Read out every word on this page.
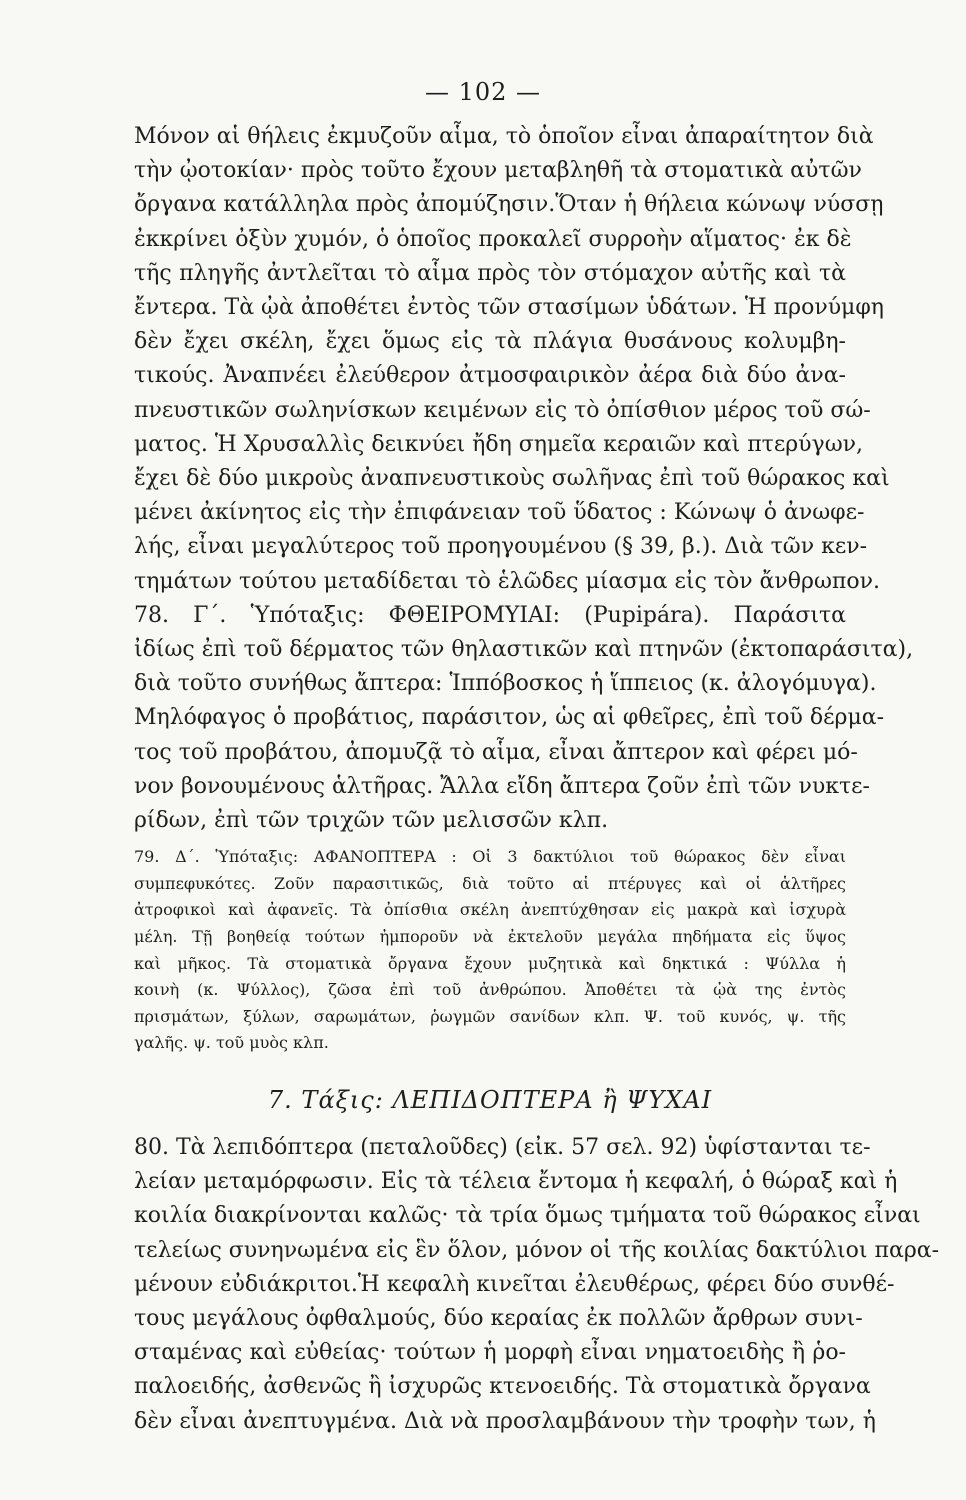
— 102 —
Μόνον αἱ θήλεις ἐκμυζοῦν αἷμα, τὸ ὁποῖον εἶναι ἀπαραίτητον διὰ
τὴν ᾠοτοκίαν· πρὸς τοῦτο ἔχουν μεταβληθῆ τὰ στοματικὰ αὐτῶν
ὄργανα κατάλληλα πρὸς ἀπομύζησιν.Ὅταν ἡ θήλεια κώνωψ νύσσῃ
ἐκκρίνει ὀξὺν χυμόν, ὁ ὁποῖος προκαλεῖ συρροὴν αἵματος· ἐκ δὲ
τῆς πληγῆς ἀντλεῖται τὸ αἷμα πρὸς τὸν στόμαχον αὐτῆς καὶ τὰ
ἔντερα. Τὰ ᾠὰ ἀποθέτει ἐντὸς τῶν στασίμων ὑδάτων. Ἡ προνύμφη
δὲν ἔχει σκέλη, ἔχει ὅμως εἰς τὰ πλάγια θυσάνους κολυμβη-
τικούς. Ἀναπνέει ἐλεύθερον ἀτμοσφαιρικὸν ἀέρα διὰ δύο ἀνα-
πνευστικῶν σωληνίσκων κειμένων εἰς τὸ ὀπίσθιον μέρος τοῦ σώ-
ματος. Ἡ Χρυσαλλὶς δεικνύει ἤδη σημεῖα κεραιῶν καὶ πτερύγων,
ἔχει δὲ δύο μικροὺς ἀναπνευστικοὺς σωλῆνας ἐπὶ τοῦ θώρακος καὶ
μένει ἀκίνητος εἰς τὴν ἐπιφάνειαν τοῦ ὕδατος : Κώνωψ ὁ ἀνωφε-
λής, εἶναι μεγαλύτερος τοῦ προηγουμένου (§ 39, β.). Διὰ τῶν κεν-
τημάτων τούτου μεταδίδεται τὸ ἑλῶδες μίασμα εἰς τὸν ἄνθρωπον.
78. Γ΄. Ὑπόταξις: ΦΘΕΙΡΟΜΥΙΑΙ: (Pupipára). Παράσιτα
ἰδίως ἐπὶ τοῦ δέρματος τῶν θηλαστικῶν καὶ πτηνῶν (ἐκτοπαράσιτα),
διὰ τοῦτο συνήθως ἄπτερα: Ἱππόβοσκος ἡ ἵππειος (κ. ἀλογόμυγα).
Μηλόφαγος ὁ προβάτιος, παράσιτον, ὡς αἱ φθεῖρες, ἐπὶ τοῦ δέρμα-
τος τοῦ προβάτου, ἀπομυζᾷ τὸ αἷμα, εἶναι ἄπτερον καὶ φέρει μό-
νον βονουμένους ἁλτῆρας. Ἄλλα εἴδη ἄπτερα ζοῦν ἐπὶ τῶν νυκτε-
ρίδων, ἐπὶ τῶν τριχῶν τῶν μελισσῶν κλπ.
79. Δ΄. Ὑπόταξις: ΑΦΑΝΟΠΤΕΡΑ : Οἱ 3 δακτύλιοι τοῦ θώρακος δὲν εἶναι
συμπεφυκότες. Ζοῦν παρασιτικῶς, διὰ τοῦτο αἱ πτέρυγες καὶ οἱ ἁλτῆρες
ἀτροφικοὶ καὶ ἀφανεῖς. Τὰ ὀπίσθια σκέλη ἀνεπτύχθησαν εἰς μακρὰ καὶ ἰσχυρὰ
μέλη. Τῇ βοηθείᾳ τούτων ἠμποροῦν νὰ ἐκτελοῦν μεγάλα πηδήματα εἰς ὕψος
καὶ μῆκος. Τὰ στοματικὰ ὄργανα ἔχουν μυζητικὰ καὶ δηκτικά : Ψύλλα ἡ
κοινὴ (κ. Ψύλλος), ζῶσα ἐπὶ τοῦ ἀνθρώπου. Ἀποθέτει τὰ ᾠὰ της ἐντὸς
πρισμάτων, ξύλων, σαρωμάτων, ῥωγμῶν σανίδων κλπ. Ψ. τοῦ κυνός, ψ. τῆς
γαλῆς. ψ. τοῦ μυὸς κλπ.
7. Τάξις: ΛΕΠΙΔΟΠΤΕΡΑ ἢ ΨΥΧΑΙ
80. Τὰ λεπιδόπτερα (πεταλοῦδες) (εἰκ. 57 σελ. 92) ὑφίστανται τε-
λείαν μεταμόρφωσιν. Εἰς τὰ τέλεια ἔντομα ἡ κεφαλή, ὁ θώραξ καὶ ἡ
κοιλία διακρίνονται καλῶς· τὰ τρία ὅμως τμήματα τοῦ θώρακος εἶναι
τελείως συνηνωμένα εἰς ἓν ὅλον, μόνον οἱ τῆς κοιλίας δακτύλιοι παρα-
μένουν εὐδιάκριτοι.Ἡ κεφαλὴ κινεῖται ἐλευθέρως, φέρει δύο συνθέ-
τους μεγάλους ὀφθαλμούς, δύο κεραίας ἐκ πολλῶν ἄρθρων συνι-
σταμένας καὶ εὐθείας· τούτων ἡ μορφὴ εἶναι νηματοειδὴς ἢ ῥο-
παλοειδής, ἀσθενῶς ἢ ἰσχυρῶς κτενοειδής. Τὰ στοματικὰ ὄργανα
δὲν εἶναι ἀνεπτυγμένα. Διὰ νὰ προσλαμβάνουν τὴν τροφὴν των, ἡ
